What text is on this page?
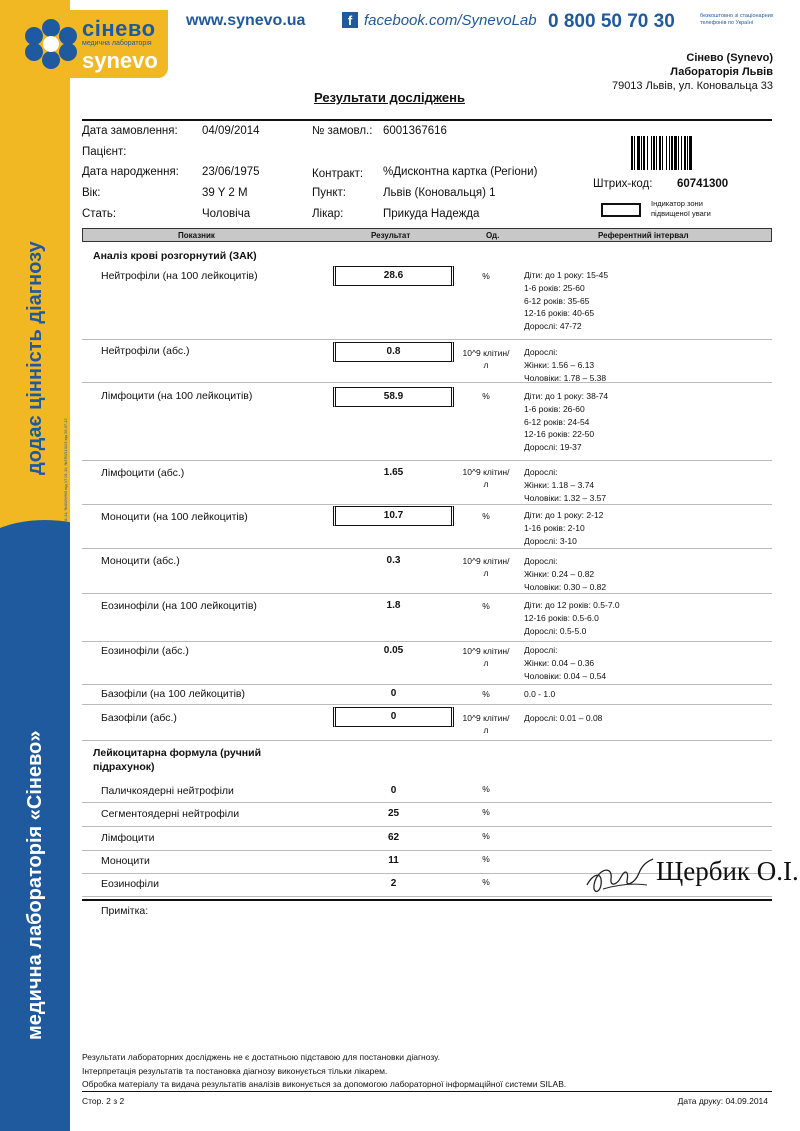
медична лабораторія «Сінево»
додає цінність діагнозу
Ліцензія МОЗ України: АГ №599151 від 28.12.11; АВ №470246 від 12.03.09; АВ №492917 від 29.10.09. Свідоцтво про атестацію: №РЛ-009/12 від 2.08.2012. Свідоцтво про атестацію № 11-1255/12 від 06.04.12; №ПТ-121/12 від 06.04.12; №ПО-6662/10 від 05.10.10; №001851 від 17.01.11; №0109/9/0 від 17.01.11; №ГЛ0/1101/3 від 26.07.12
сінево
медична лабораторія
synevo
www.synevo.ua	f facebook.com/SynevoLab 0 800 50 70 30	безкоштовно зі стаціонарних телефонів по Україні
Сінево (Synevo)
Лабораторія Львів
79013 Львів, ул. Коновальца 33
Результати досліджень
Дата замовлення: 04/09/2014	№ замовл.: 6001367616
Пацієнт:
Дата народження: 23/06/1975	Контракт: %Дисконтна картка (Регіони)
Вік:	39 Y 2 M	Пункт:	Львів (Коновальця) 1
Стать:	Чоловіча	Лікар:	Прикуда Надежда
Штрих-код: 60741300
Індикатор зони підвищеної уваги
Показник	Результат	Од.	Референтний інтервал
Аналіз крові розгорнутий (ЗАК)
Нейтрофіли (на 100 лейкоцитів)	28.6	%	Діти: до 1 року: 15-45
1-6 років: 25-60
6-12 років: 35-65
12-16 років: 40-65
Дорослі: 47-72
Нейтрофіли (абс.)	0.8	10^9 клітин/л
Дорослі:
Жінки: 1.56 – 6.13
Чоловіки: 1.78 – 5.38
Лімфоцити (на 100 лейкоцитів)	58.9	%	Діти: до 1 року: 38-74
1-6 років: 26-60
6-12 років: 24-54
12-16 років: 22-50
Дорослі: 19-37
Лімфоцити (абс.)	1.65	10^9 клітин/л
Дорослі:
Жінки: 1.18 – 3.74
Чоловіки: 1.32 – 3.57
Моноцити (на 100 лейкоцитів)	10.7	%	Діти: до 1 року: 2-12
1-16 років: 2-10
Дорослі: 3-10
Моноцити (абс.)	0.3	10^9 клітин/л
Дорослі:
Жінки: 0.24 – 0.82
Чоловіки: 0.30 – 0.82
Еозинофіли (на 100 лейкоцитів)	1.8	%	Діти: до 12 років: 0.5-7.0
12-16 років: 0.5-6.0
Дорослі: 0.5-5.0
Еозинофіли (абс.)	0.05	10^9 клітин/л
Дорослі:
Жінки: 0.04 – 0.36
Чоловіки: 0.04 – 0.54
Базофіли (на 100 лейкоцитів)	0	%	0.0 - 1.0
Базофіли (абс.)	0	10^9 клітин/л
Дорослі: 0.01 – 0.08
Лейкоцитарна формула (ручний підрахунок)
Паличкоядерні нейтрофіли	0	%
Сегментоядерні нейтрофіли	25	%
Лімфоцити	62	%
Моноцити	11	%
Еозинофіли	2	%
Примітка:
Щербик О.І.
Результати лабораторних досліджень не є достатньою підставою для постановки діагнозу.
Інтерпретація результатів та постановка діагнозу виконується тільки лікарем.
Обробка матеріалу та видача результатів аналізів виконується за допомогою лабораторної інформаційної системи SILAB.
Стор. 2 з 2	Дата друку: 04.09.2014
